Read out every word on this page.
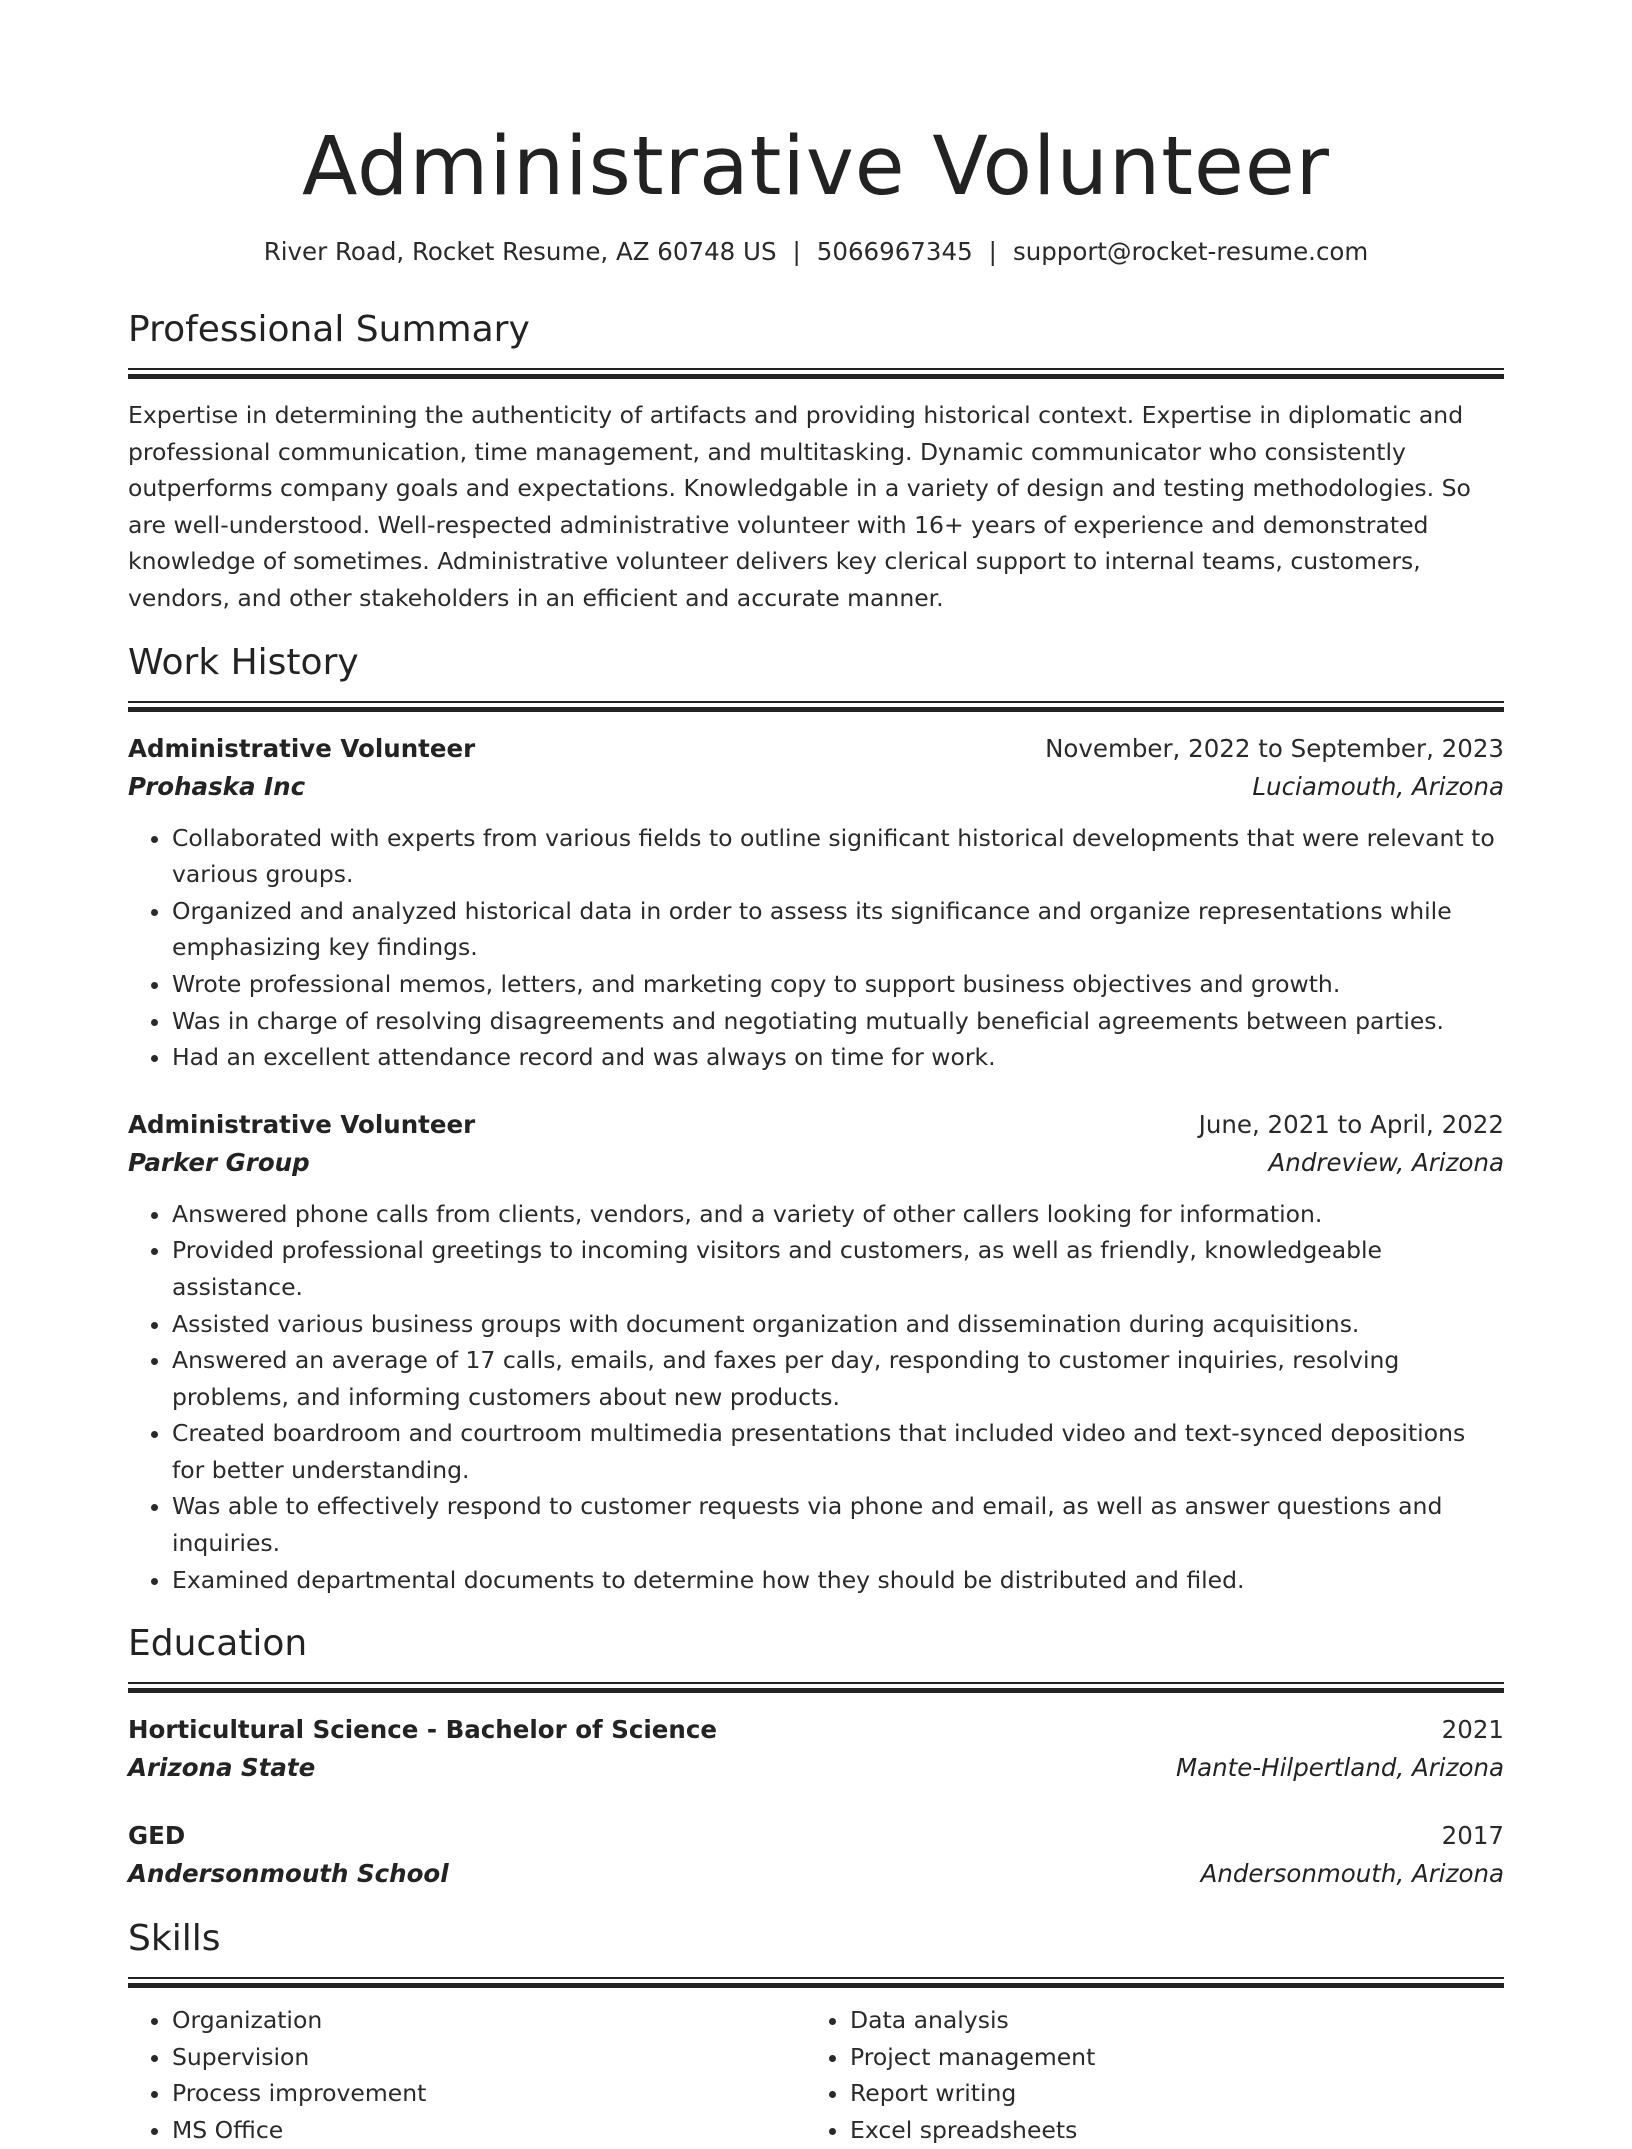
Administrative Volunteer
River Road, Rocket Resume, AZ 60748 US | 5066967345 | support@rocket-resume.com
Professional Summary
Expertise in determining the authenticity of artifacts and providing historical context. Expertise in diplomatic and professional communication, time management, and multitasking. Dynamic communicator who consistently outperforms company goals and expectations. Knowledgable in a variety of design and testing methodologies. So are well-understood. Well-respected administrative volunteer with 16+ years of experience and demonstrated knowledge of sometimes. Administrative volunteer delivers key clerical support to internal teams, customers, vendors, and other stakeholders in an efficient and accurate manner.
Work History
Administrative Volunteer	November, 2022 to September, 2023
Prohaska Inc	Luciamouth, Arizona
• Collaborated with experts from various fields to outline significant historical developments that were relevant to various groups.
• Organized and analyzed historical data in order to assess its significance and organize representations while emphasizing key findings.
• Wrote professional memos, letters, and marketing copy to support business objectives and growth.
• Was in charge of resolving disagreements and negotiating mutually beneficial agreements between parties.
• Had an excellent attendance record and was always on time for work.
Administrative Volunteer	June, 2021 to April, 2022
Parker Group	Andreview, Arizona
• Answered phone calls from clients, vendors, and a variety of other callers looking for information.
• Provided professional greetings to incoming visitors and customers, as well as friendly, knowledgeable assistance.
• Assisted various business groups with document organization and dissemination during acquisitions.
• Answered an average of 17 calls, emails, and faxes per day, responding to customer inquiries, resolving problems, and informing customers about new products.
• Created boardroom and courtroom multimedia presentations that included video and text-synced depositions for better understanding.
• Was able to effectively respond to customer requests via phone and email, as well as answer questions and inquiries.
• Examined departmental documents to determine how they should be distributed and filed.
Education
Horticultural Science - Bachelor of Science	2021
Arizona State	Mante-Hilpertland, Arizona
GED	2017
Andersonmouth School	Andersonmouth, Arizona
Skills
• Organization
• Supervision
• Process improvement
• MS Office
• Data analysis
• Project management
• Report writing
• Excel spreadsheets
